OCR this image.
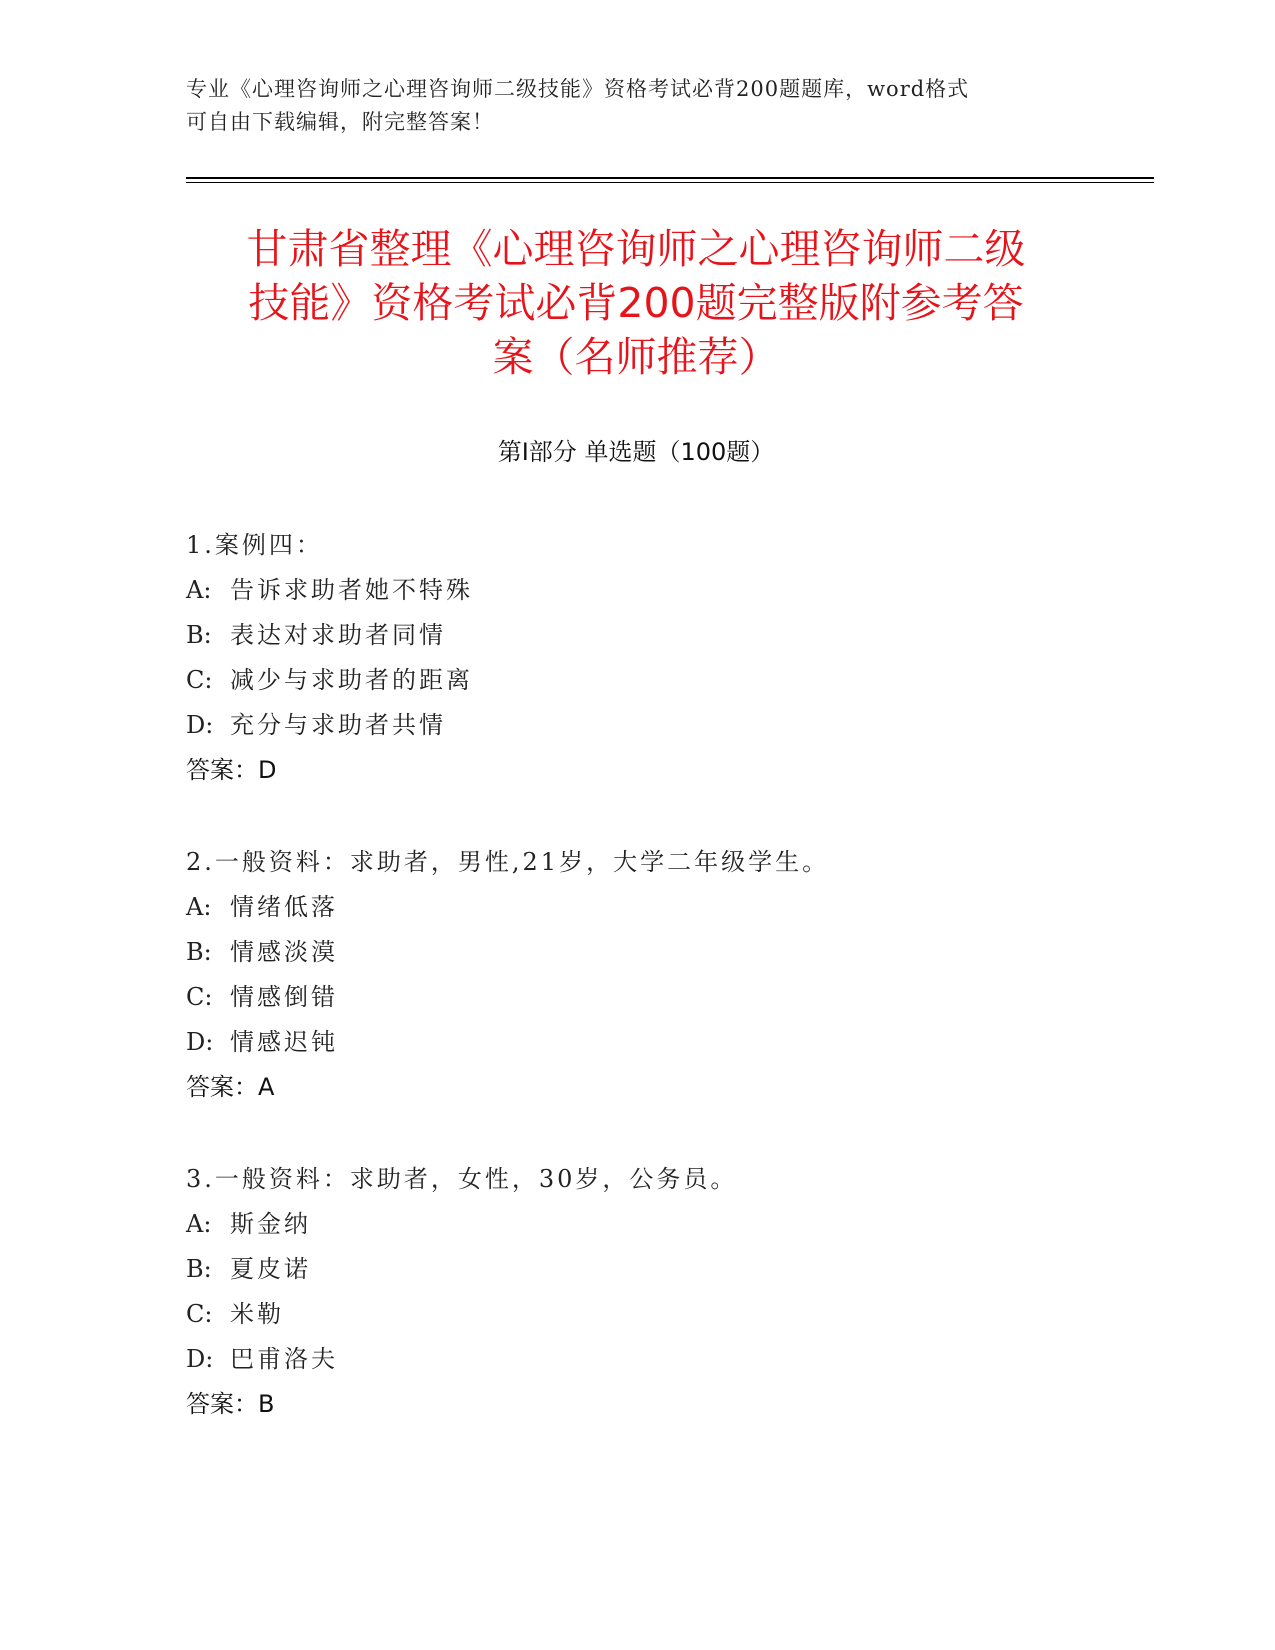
专业《心理咨询师之心理咨询师二级技能》资格考试必背200题题库，word格式
可自由下载编辑，附完整答案！
甘肃省整理《心理咨询师之心理咨询师二级
技能》资格考试必背200题完整版附参考答
案（名师推荐）
第Ⅰ部分 单选题（100题）
1.案例四：
A: 告诉求助者她不特殊
B: 表达对求助者同情
C: 减少与求助者的距离
D: 充分与求助者共情
答案：D
2.一般资料：求助者，男性,21岁，大学二年级学生。
A: 情绪低落
B: 情感淡漠
C: 情感倒错
D: 情感迟钝
答案：A
3.一般资料：求助者，女性，30岁，公务员。
A: 斯金纳
B: 夏皮诺
C: 米勒
D: 巴甫洛夫
答案：B
